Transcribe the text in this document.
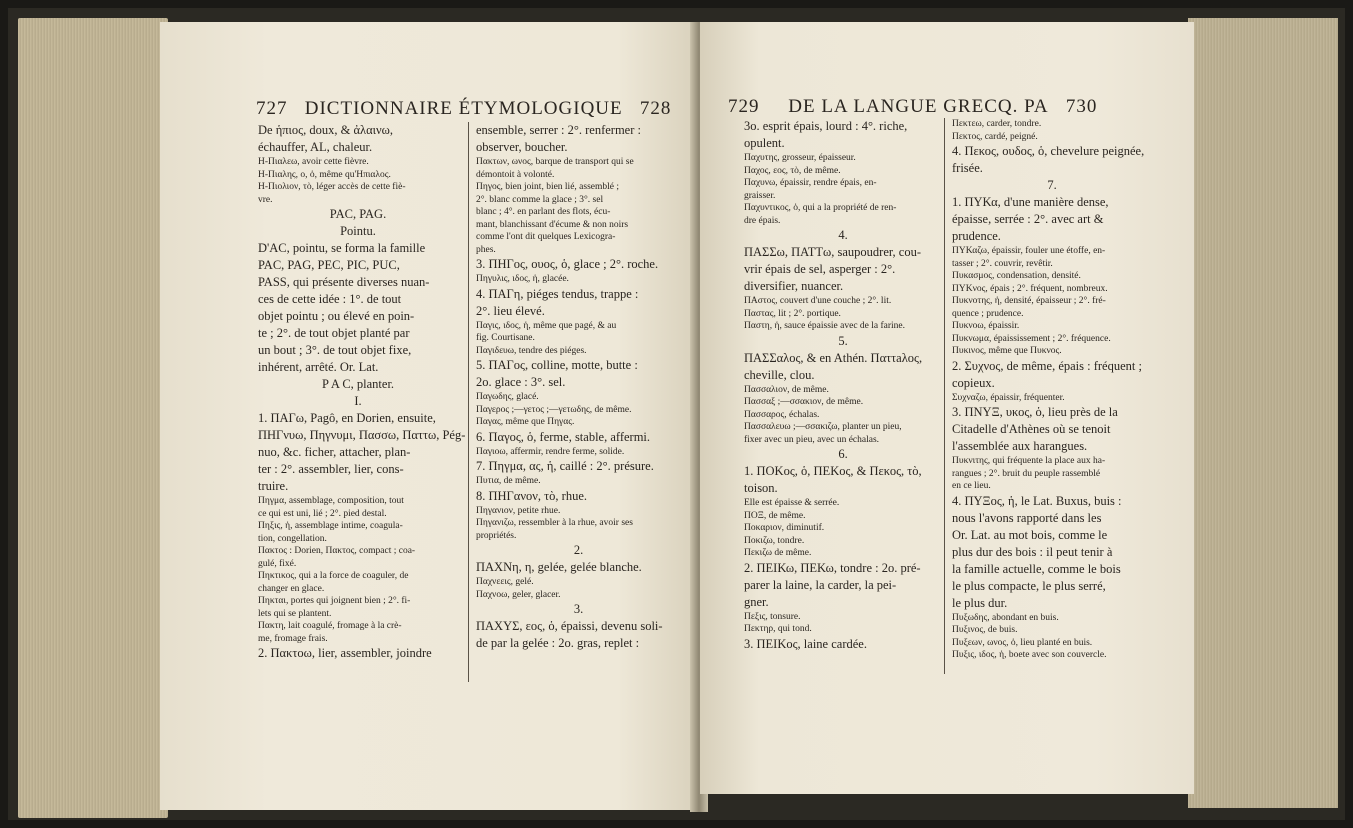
727 DICTIONNAIRE ÉTYMOLOGIQUE 728

De ἡπιος, doux, & ἀλαινω,

échauffer, AL, chaleur.

Η-Πιαλεω, avoir cette fièvre.

Η-Πιαλης, ο, ὁ, même qu'Ηπιαλος.

Η-Πιολιον, τὸ, léger accès de cette fiè-

vre.

PAC, PAG.

Pointu.

D'AC, pointu, se forma la famille

PAC, PAG, PEC, PIC, PUC,

PASS, qui présente diverses nuan-

ces de cette idée : 1°. de tout

objet pointu ; ou élevé en poin-

te ; 2°. de tout objet planté par

un bout ; 3°. de tout objet fixe,

inhérent, arrêté. Or. Lat.

P A C, planter.

I.

1. ΠΑΓω, Pagô, en Dorien, ensuite,

ΠΗΓνυω, Πηγνυμι, Πασσω, Παττω, Pég-

nuo, &c. ficher, attacher, plan-

ter : 2°. assembler, lier, cons-

truire.

Πηγμα, assemblage, composition, tout

ce qui est uni, lié ; 2°. pied destal.

Πηξις, ἡ, assemblage intime, coagula-

tion, congellation.

Πακτος : Dorien, Πακτος, compact ; coa-

gulé, fixé.

Πηκτικος, qui a la force de coaguler, de

changer en glace.

Πηκται, portes qui joignent bien ; 2°. fi-

lets qui se plantent.

Πακτη, lait coagulé, fromage à la crè-

me, fromage frais.

2. Πακτοω, lier, assembler, joindre

ensemble, serrer : 2°. renfermer :

observer, boucher.

Πακτων, ωνος, barque de transport qui se

démontoit à volonté.

Πηγος, bien joint, bien lié, assemblé ;

2°. blanc comme la glace ; 3°. sel

blanc ; 4°. en parlant des flots, écu-

mant, blanchissant d'écume & non noirs

comme l'ont dit quelques Lexicogra-

phes.

3. ΠΗΓος, ουος, ὁ, glace ; 2°. roche.

Πηγυλις, ιδος, ἡ, glacée.

4. ΠΑΓη, piéges tendus, trappe :

2°. lieu élevé.

Παγις, ιδος, ἡ, même que pagé, & au

fig. Courtisane.

Παγιδευω, tendre des piéges.

5. ΠΑΓος, colline, motte, butte :

2o. glace : 3°. sel.

Παγωδης, glacé.

Παγερος ;—γετος ;—γετωδης, de même.

Παγας, même que Πηγας.

6. Παγος, ὁ, ferme, stable, affermi.

Παγιοω, affermir, rendre ferme, solide.

7. Πηγμα, ας, ἡ, caillé : 2°. présure.

Πυτια, de même.

8. ΠΗΓανον, τὸ, rhue.

Πηγανιον, petite rhue.

Πηγανιζω, ressembler à la rhue, avoir ses

propriétés.

2.

ΠΑΧΝη, η, gelée, gelée blanche.

Παχνεεις, gelé.

Παχνοω, geler, glacer.

3.

ΠΑΧΥΣ, εος, ὁ, épaissi, devenu soli-

de par la gelée : 2o. gras, replet :

729 DE LA LANGUE GRECQ. PA 730

3o. esprit épais, lourd : 4°. riche,

opulent.

Παχυτης, grosseur, épaisseur.

Παχος, εος, τὸ, de même.

Παχυνω, épaissir, rendre épais, en-

graisser.

Παχυντικος, ὁ, qui a la propriété de ren-

dre épais.

4.

ΠΑΣΣω, ΠΑΤΤω, saupoudrer, cou-

vrir épais de sel, asperger : 2°.

diversifier, nuancer.

ΠΑστος, couvert d'une couche ; 2°. lit.

Παστας, lit ; 2°. portique.

Παστη, ἡ, sauce épaissie avec de la farine.

5.

ΠΑΣΣαλος, & en Athén. Παττaλος,

cheville, clou.

Πασσαλιον, de même.

Πασσαξ ;—σσακιον, de même.

Πασσαρος, échalas.

Πασσαλευω ;—σσακιζω, planter un pieu,

fixer avec un pieu, avec un échalas.

6.

1. ΠΟΚος, ὁ, ΠΕΚος, & Πεκος, τὸ,

toison.

Elle est épaisse & serrée.

ΠΟΞ, de même.

Ποκαριον, diminutif.

Ποκιζω, tondre.

Πεκιζω de même.

2. ΠΕΙΚω, ΠΕΚω, tondre : 2o. pré-

parer la laine, la carder, la pei-

gner.

Πεξις, tonsure.

Πεκτηρ, qui tond.

3. ΠΕΙΚος, laine cardée.

Πεκτεω, carder, tondre.

Πεκτος, cardé, peigné.

4. Πεκος, ουδος, ὁ, chevelure peignée,

frisée.

7.

1. ΠΥΚα, d'une manière dense,

épaisse, serrée : 2°. avec art &

prudence.

ΠΥΚαζω, épaissir, fouler une étoffe, en-

tasser ; 2°. couvrir, revêtir.

Πυκασμος, condensation, densité.

ΠΥΚνος, épais ; 2°. fréquent, nombreux.

Πυκνοτης, ἡ, densité, épaisseur ; 2°. fré-

quence ; prudence.

Πυκνοω, épaissir.

Πυκνωμα, épaississement ; 2°. fréquence.

Πυκινος, même que Πυκνος.

2. Συχνος, de même, épais : fréquent ;

copieux.

Συχναζω, épaissir, fréquenter.

3. ΠΝΥΞ, υκος, ὁ, lieu près de la

Citadelle d'Athènes où se tenoit

l'assemblée aux harangues.

Πυκνιτης, qui fréquente la place aux ha-

rangues ; 2°. bruit du peuple rassemblé

en ce lieu.

4. ΠΥΞος, ἡ, le Lat. Buxus, buis :

nous l'avons rapporté dans les

Or. Lat. au mot bois, comme le

plus dur des bois : il peut tenir à

la famille actuelle, comme le bois

le plus compacte, le plus serré,

le plus dur.

Πυξωδης, abondant en buis.

Πυξινος, de buis.

Πυξεων, ωνος, ὁ, lieu planté en buis.

Πυξις, ιδος, ἡ, boete avec son couvercle.
